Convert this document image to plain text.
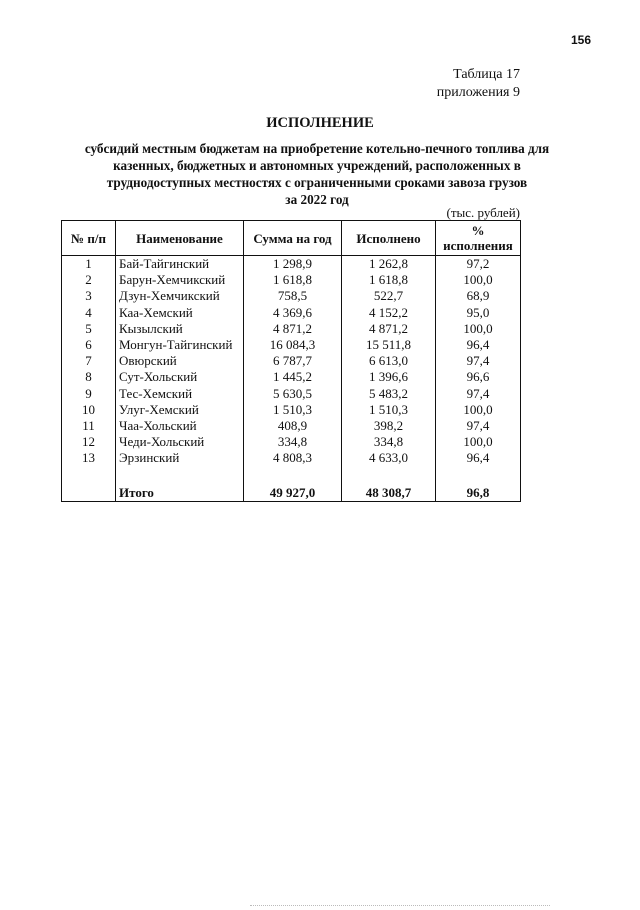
156
Таблица 17
приложения 9
ИСПОЛНЕНИЕ
субсидий местным бюджетам на приобретение котельно-печного топлива для
казенных, бюджетных и автономных учреждений, расположенных в
труднодоступных местностях с ограниченными сроками завоза грузов
за 2022 год
(тыс. рублей)
№ п/п	Наименование	Сумма на год	Исполнено	%
исполнения

1	Бай-Тайгинский	1 298,9	1 262,8	97,2
2	Барун-Хемчикский	1 618,8	1 618,8	100,0
3	Дзун-Хемчикский	758,5	522,7	68,9
4	Каа-Хемский	4 369,6	4 152,2	95,0
5	Кызылский	4 871,2	4 871,2	100,0
6	Монгун-Тайгинский	16 084,3	15 511,8	96,4
7	Овюрский	6 787,7	6 613,0	97,4
8	Сут-Хольский	1 445,2	1 396,6	96,6
9	Тес-Хемский	5 630,5	5 483,2	97,4
10	Улуг-Хемский	1 510,3	1 510,3	100,0
11	Чаа-Хольский	408,9	398,2	97,4
12	Чеди-Хольский	334,8	334,8	100,0
13	Эрзинский	4 808,3	4 633,0	96,4

	Итого	49 927,0	48 308,7	96,8
